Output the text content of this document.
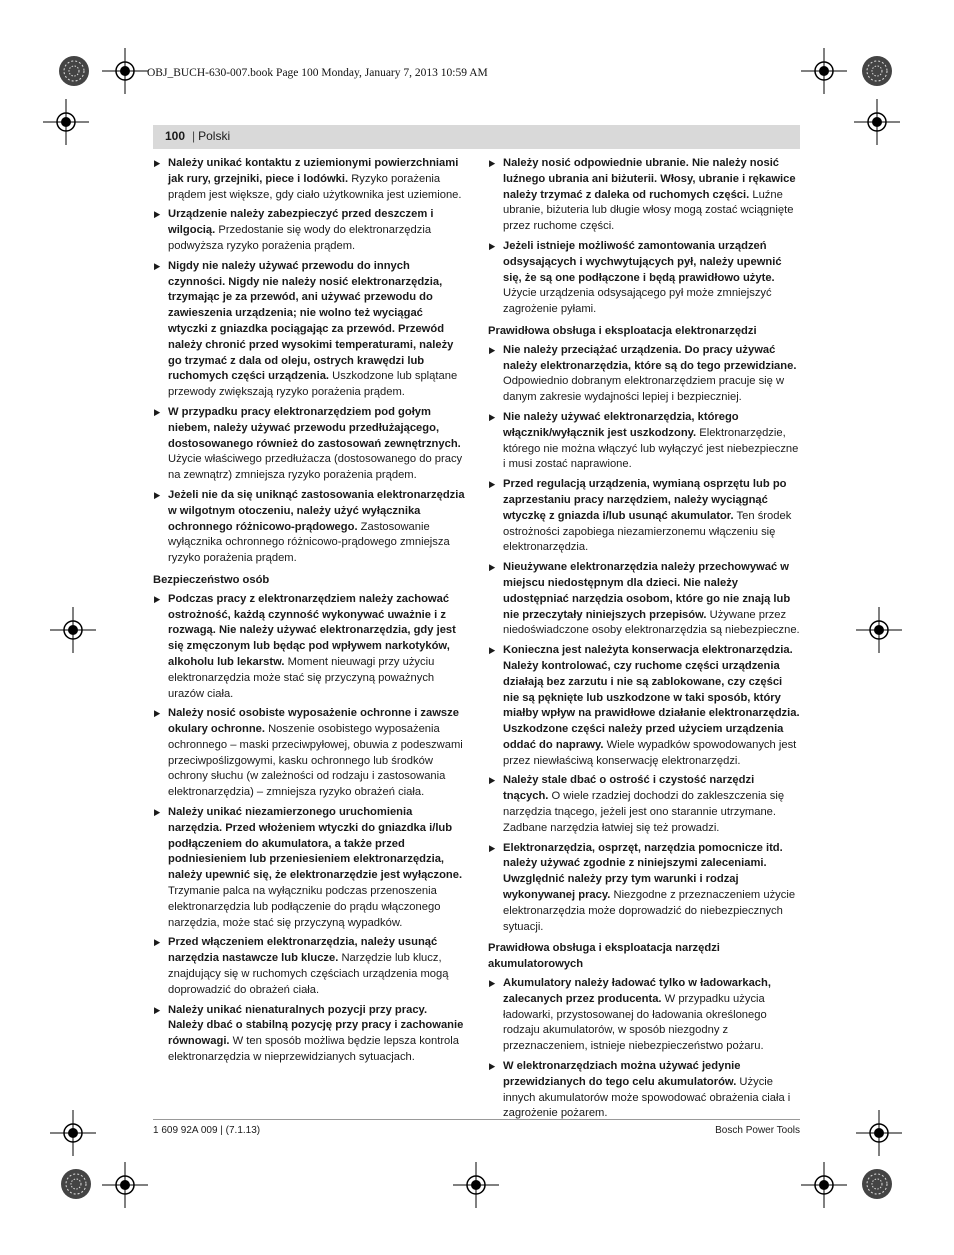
OBJ_BUCH-630-007.book Page 100 Monday, January 7, 2013 10:59 AM
100 | Polski
▶ Należy unikać kontaktu z uziemionymi powierzchniami jak rury, grzejniki, piece i lodówki. Ryzyko porażenia prądem jest większe, gdy ciało użytkownika jest uziemione.
▶ Urządzenie należy zabezpieczyć przed deszczem i wilgocią. Przedostanie się wody do elektronarzędzia podwyższa ryzyko porażenia prądem.
▶ Nigdy nie należy używać przewodu do innych czynności. Nigdy nie należy nosić elektronarzędzia, trzymając je za przewód, ani używać przewodu do zawieszenia urządzenia; nie wolno też wyciągać wtyczki z gniazdka pociągając za przewód. Przewód należy chronić przed wysokimi temperaturami, należy go trzymać z dala od oleju, ostrych krawędzi lub ruchomych części urządzenia. Uszkodzone lub splątane przewody zwiększają ryzyko porażenia prądem.
▶ W przypadku pracy elektronarzędziem pod gołym niebem, należy używać przewodu przedłużającego, dostosowanego również do zastosowań zewnętrznych. Użycie właściwego przedłużacza (dostosowanego do pracy na zewnątrz) zmniejsza ryzyko porażenia prądem.
▶ Jeżeli nie da się uniknąć zastosowania elektronarzędzia w wilgotnym otoczeniu, należy użyć wyłącznika ochronnego różnicowo-prądowego. Zastosowanie wyłącznika ochronnego różnicowo-prądowego zmniejsza ryzyko porażenia prądem.
Bezpieczeństwo osób
▶ Podczas pracy z elektronarzędziem należy zachować ostrożność, każdą czynność wykonywać uważnie i z rozwagą. Nie należy używać elektronarzędzia, gdy jest się zmęczonym lub będąc pod wpływem narkotyków, alkoholu lub lekarstw. Moment nieuwagi przy użyciu elektronarzędzia może stać się przyczyną poważnych urazów ciała.
▶ Należy nosić osobiste wyposażenie ochronne i zawsze okulary ochronne. Noszenie osobistego wyposażenia ochronnego – maski przeciwpyłowej, obuwia z podeszwami przeciwpoślizgowymi, kasku ochronnego lub środków ochrony słuchu (w zależności od rodzaju i zastosowania elektronarzędzia) – zmniejsza ryzyko obrażeń ciała.
▶ Należy unikać niezamierzonego uruchomienia narzędzia. Przed włożeniem wtyczki do gniazdka i/lub podłączeniem do akumulatora, a także przed podniesieniem lub przeniesieniem elektronarzędzia, należy upewnić się, że elektronarzędzie jest wyłączone. Trzymanie palca na wyłączniku podczas przenoszenia elektronarzędzia lub podłączenie do prądu włączonego narzędzia, może stać się przyczyną wypadków.
▶ Przed włączeniem elektronarzędzia, należy usunąć narzędzia nastawcze lub klucze. Narzędzie lub klucz, znajdujący się w ruchomych częściach urządzenia mogą doprowadzić do obrażeń ciała.
▶ Należy unikać nienaturalnych pozycji przy pracy. Należy dbać o stabilną pozycję przy pracy i zachowanie równowagi. W ten sposób możliwa będzie lepsza kontrola elektronarzędzia w nieprzewidzianych sytuacjach.
▶ Należy nosić odpowiednie ubranie. Nie należy nosić luźnego ubrania ani biżuterii. Włosy, ubranie i rękawice należy trzymać z daleka od ruchomych części. Luźne ubranie, biżuteria lub długie włosy mogą zostać wciągnięte przez ruchome części.
▶ Jeżeli istnieje możliwość zamontowania urządzeń odsysających i wychwytujących pył, należy upewnić się, że są one podłączone i będą prawidłowo użyte. Użycie urządzenia odsysającego pył może zmniejszyć zagrożenie pyłami.
Prawidłowa obsługa i eksploatacja elektronarzędzi
▶ Nie należy przeciążać urządzenia. Do pracy używać należy elektronarzędzia, które są do tego przewidziane. Odpowiednio dobranym elektronarzędziem pracuje się w danym zakresie wydajności lepiej i bezpieczniej.
▶ Nie należy używać elektronarzędzia, którego włącznik/wyłącznik jest uszkodzony. Elektronarzędzie, którego nie można włączyć lub wyłączyć jest niebezpieczne i musi zostać naprawione.
▶ Przed regulacją urządzenia, wymianą osprzętu lub po zaprzestaniu pracy narzędziem, należy wyciągnąć wtyczkę z gniazda i/lub usunąć akumulator. Ten środek ostrożności zapobiega niezamierzonemu włączeniu się elektronarzędzia.
▶ Nieużywane elektronarzędzia należy przechowywać w miejscu niedostępnym dla dzieci. Nie należy udostępniać narzędzia osobom, które go nie znają lub nie przeczytały niniejszych przepisów. Używane przez niedoświadczone osoby elektronarzędzia są niebezpieczne.
▶ Konieczna jest należyta konserwacja elektronarzędzia. Należy kontrolować, czy ruchome części urządzenia działają bez zarzutu i nie są zablokowane, czy części nie są pęknięte lub uszkodzone w taki sposób, który miałby wpływ na prawidłowe działanie elektronarzędzia. Uszkodzone części należy przed użyciem urządzenia oddać do naprawy. Wiele wypadków spowodowanych jest przez niewłaściwą konserwację elektronarzędzi.
▶ Należy stale dbać o ostrość i czystość narzędzi tnących. O wiele rzadziej dochodzi do zakleszczenia się narzędzia tnącego, jeżeli jest ono starannie utrzymane. Zadbane narzędzia łatwiej się też prowadzi.
▶ Elektronarzędzia, osprzęt, narzędzia pomocnicze itd. należy używać zgodnie z niniejszymi zaleceniami. Uwzględnić należy przy tym warunki i rodzaj wykonywanej pracy. Niezgodne z przeznaczeniem użycie elektronarzędzia może doprowadzić do niebezpiecznych sytuacji.
Prawidłowa obsługa i eksploatacja narzędzi akumulatorowych
▶ Akumulatory należy ładować tylko w ładowarkach, zalecanych przez producenta. W przypadku użycia ładowarki, przystosowanej do ładowania określonego rodzaju akumulatorów, w sposób niezgodny z przeznaczeniem, istnieje niebezpieczeństwo pożaru.
▶ W elektronarzędziach można używać jedynie przewidzianych do tego celu akumulatorów. Użycie innych akumulatorów może spowodować obrażenia ciała i zagrożenie pożarem.
1 609 92A 009 | (7.1.13)	Bosch Power Tools
